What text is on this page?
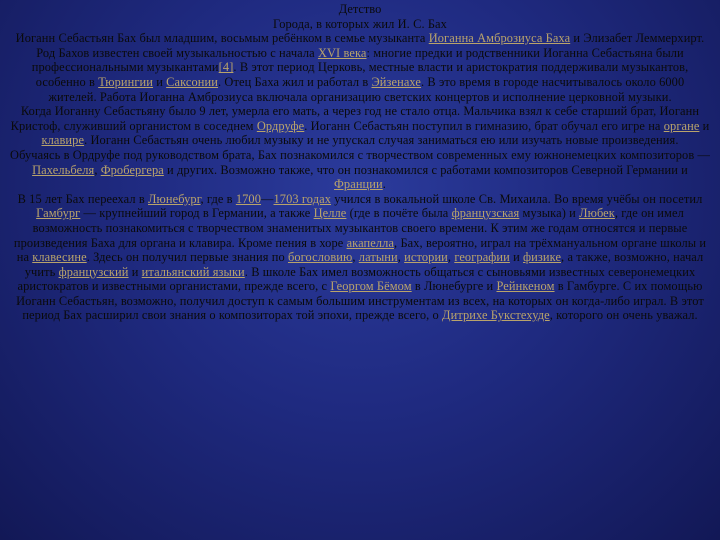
Детство

Города, в которых жил И. С. Бах

Иоганн Себастьян Бах был младшим, восьмым ребёнком в семье музыканта Иоганна Амброзиуса Баха и Элизабет Леммерхирт. Род Бахов известен своей музыкальностью с начала XVI века: многие предки и родственники Иоганна Себастьяна были профессиональными музыкантами[4]. В этот период Церковь, местные власти и аристократия поддерживали музыкантов, особенно в Тюрингии и Саксонии. Отец Баха жил и работал в Эйзенахе. В это время в городе насчитывалось около 6000 жителей. Работа Иоганна Амброзиуса включала организацию светских концертов и исполнение церковной музыки.

Когда Иоганну Себастьяну было 9 лет, умерла его мать, а через год не стало отца. Мальчика взял к себе старший брат, Иоганн Кристоф, служивший органистом в соседнем Ордруфе. Иоганн Себастьян поступил в гимназию, брат обучал его игре на органе и клавире. Иоганн Себастьян очень любил музыку и не упускал случая заниматься ею или изучать новые произведения.

Обучаясь в Ордруфе под руководством брата, Бах познакомился с творчеством современных ему южнонемецких композиторов — Пахельбеля, Фробергера и других. Возможно также, что он познакомился с работами композиторов Северной Германии и Франции.

В 15 лет Бах переехал в Люнебург, где в 1700—1703 годах учился в вокальной школе Св. Михаила. Во время учёбы он посетил Гамбург — крупнейший город в Германии, а также Целле (где в почёте была французская музыка) и Любек, где он имел возможность познакомиться с творчеством знаменитых музыкантов своего времени. К этим же годам относятся и первые произведения Баха для органа и клавира. Кроме пения в хоре акапелла, Бах, вероятно, играл на трёхмануальном органе школы и на клавесине. Здесь он получил первые знания по богословию, латыни, истории, географии и физике, а также, возможно, начал учить французский и итальянский языки. В школе Бах имел возможность общаться с сыновьями известных северонемецких аристократов и известными органистами, прежде всего, с Георгом Бёмом в Люнебурге и Рейнкеном в Гамбурге. С их помощью Иоганн Себастьян, возможно, получил доступ к самым большим инструментам из всех, на которых он когда-либо играл. В этот период Бах расширил свои знания о композиторах той эпохи, прежде всего, о Дитрихе Букстехуде, которого он очень уважал.
